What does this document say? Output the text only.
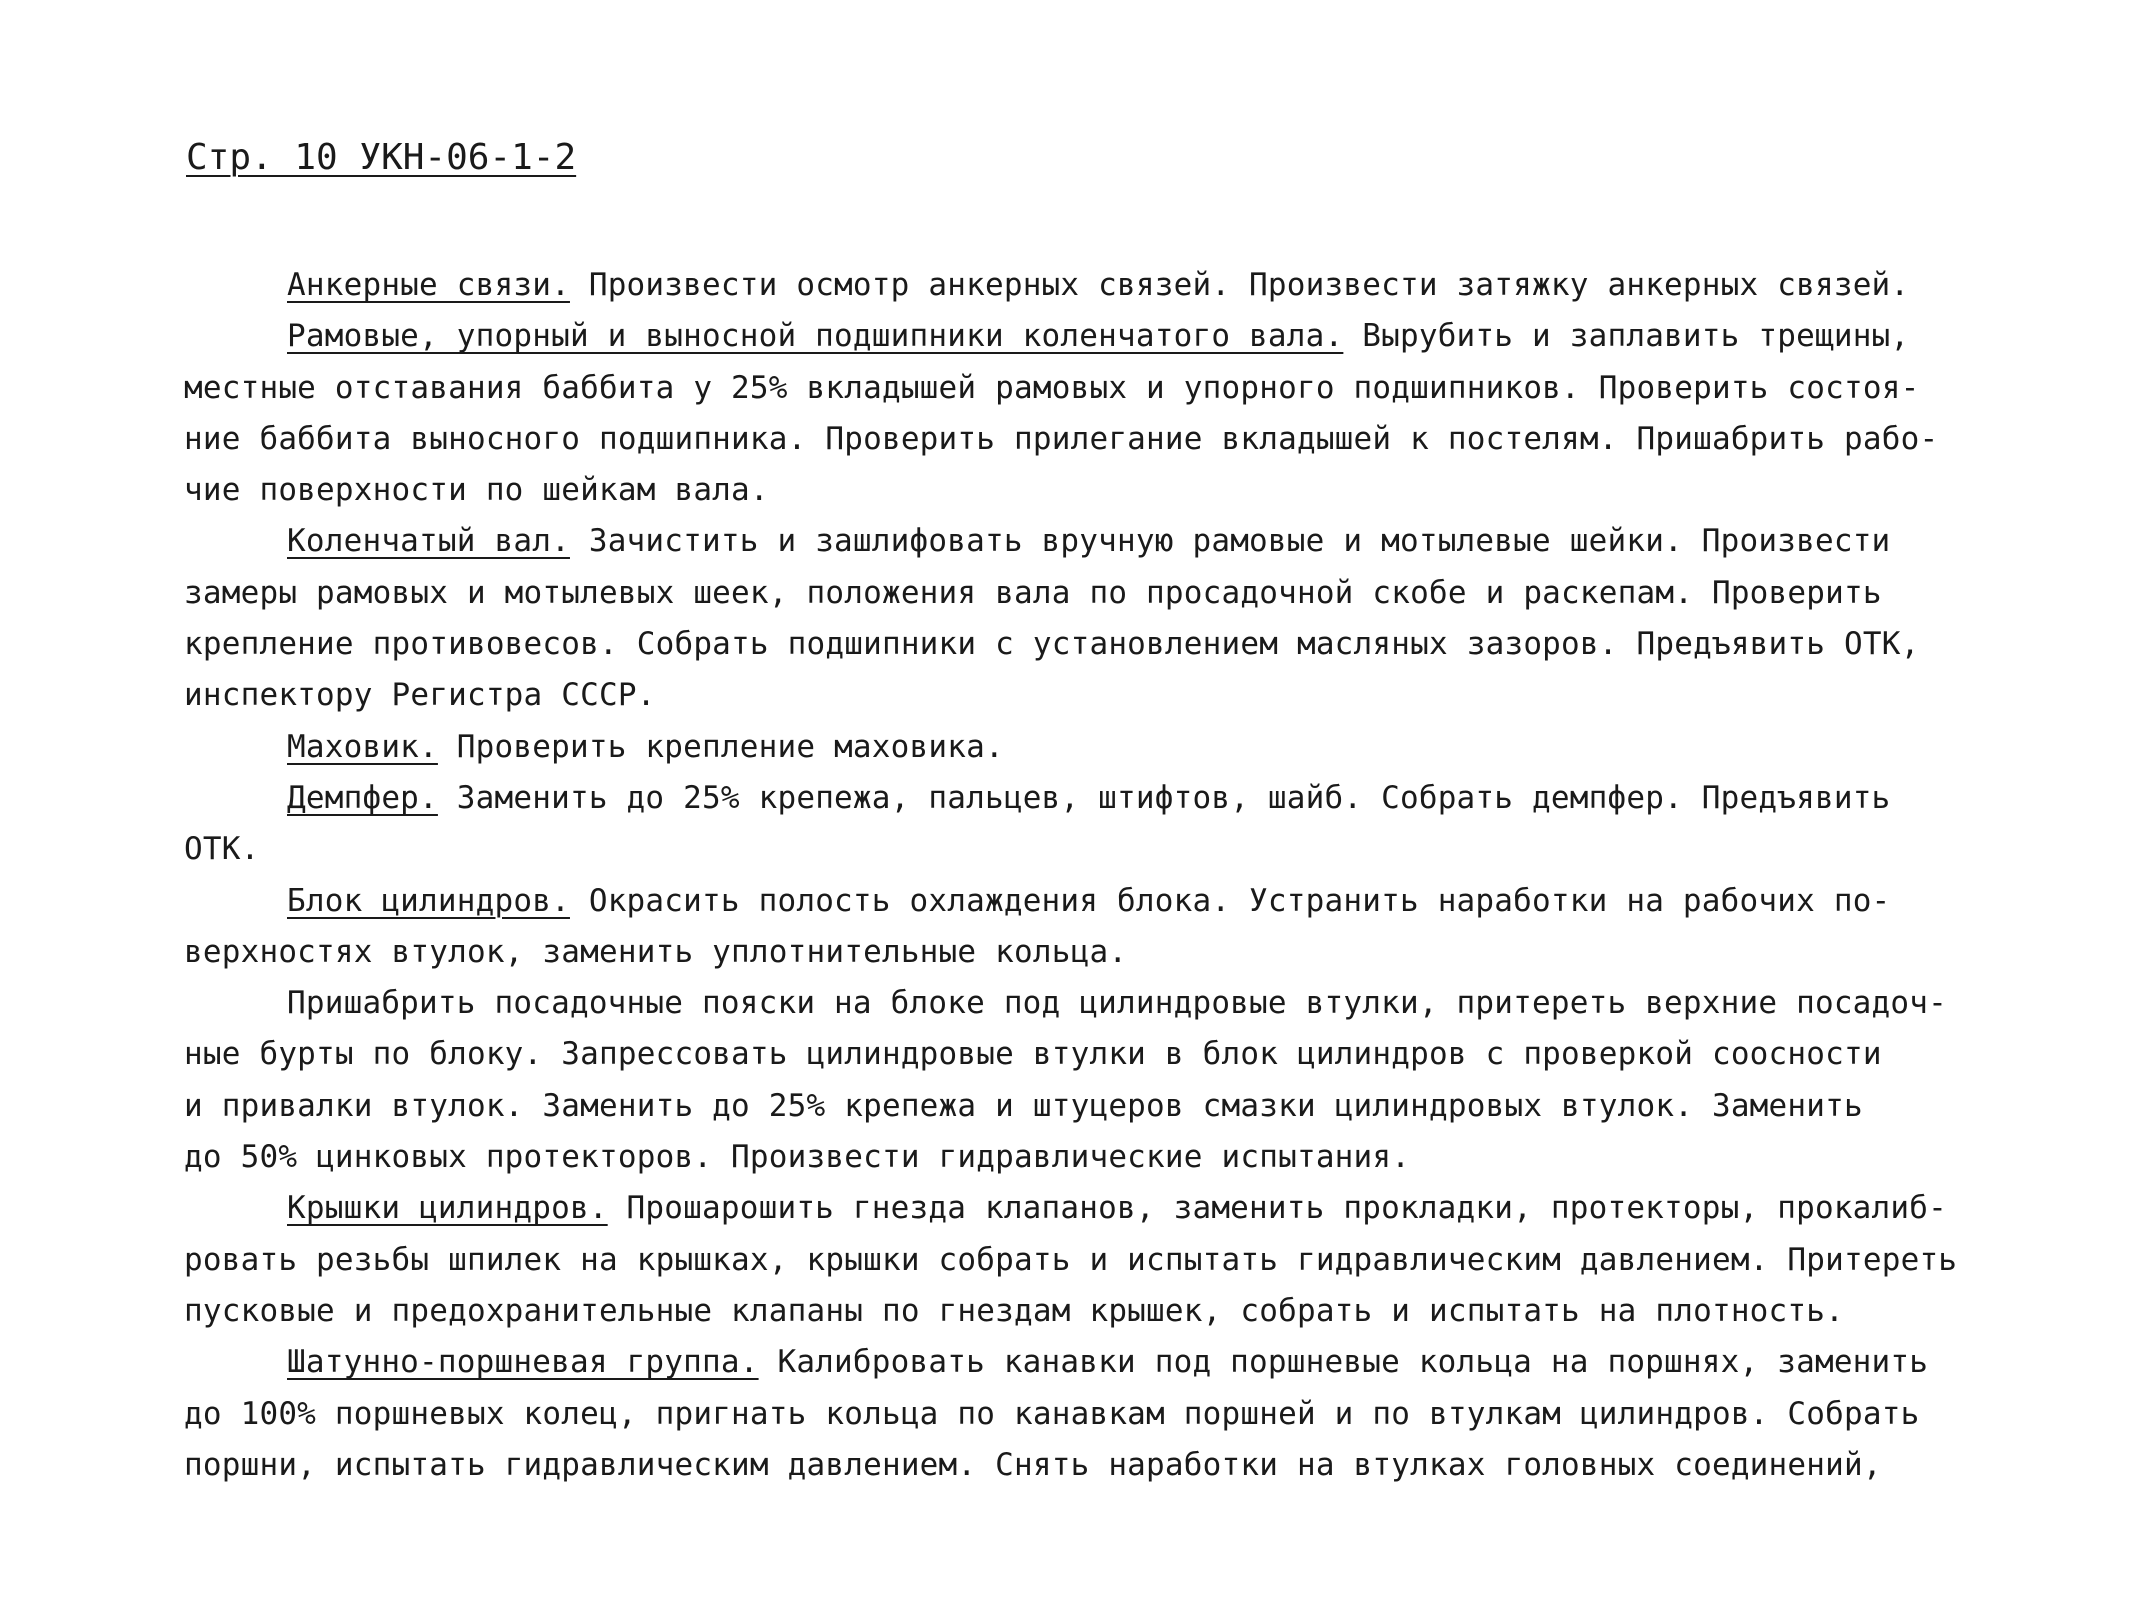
Стр. 10 УКН-06-1-2
Анкерные связи. Произвести осмотр анкерных связей. Произвести затяжку анкерных связей.
Рамовые, упорный и выносной подшипники коленчатого вала. Вырубить и заплавить трещины,
местные отставания баббита у 25% вкладышей рамовых и упорного подшипников. Проверить состоя-
ние баббита выносного подшипника. Проверить прилегание вкладышей к постелям. Пришабрить рабо-
чие поверхности по шейкам вала.
Коленчатый вал. Зачистить и зашлифовать вручную рамовые и мотылевые шейки. Произвести
замеры рамовых и мотылевых шеек, положения вала по просадочной скобе и раскепам. Проверить
крепление противовесов. Собрать подшипники с установлением масляных зазоров. Предъявить ОТК,
инспектору Регистра СССР.
Маховик. Проверить крепление маховика.
Демпфер. Заменить до 25% крепежа, пальцев, штифтов, шайб. Собрать демпфер. Предъявить
ОТК.
Блок цилиндров. Окрасить полость охлаждения блока. Устранить наработки на рабочих по-
верхностях втулок, заменить уплотнительные кольца.
Пришабрить посадочные пояски на блоке под цилиндровые втулки, притереть верхние посадоч-
ные бурты по блоку. Запрессовать цилиндровые втулки в блок цилиндров с проверкой соосности
и привалки втулок. Заменить до 25% крепежа и штуцеров смазки цилиндровых втулок. Заменить
до 50% цинковых протекторов. Произвести гидравлические испытания.
Крышки цилиндров. Прошарошить гнезда клапанов, заменить прокладки, протекторы, прокалиб-
ровать резьбы шпилек на крышках, крышки собрать и испытать гидравлическим давлением. Притереть
пусковые и предохранительные клапаны по гнездам крышек, собрать и испытать на плотность.
Шатунно-поршневая группа. Калибровать канавки под поршневые кольца на поршнях, заменить
до 100% поршневых колец, пригнать кольца по канавкам поршней и по втулкам цилиндров. Собрать
поршни, испытать гидравлическим давлением. Снять наработки на втулках головных соединений,
